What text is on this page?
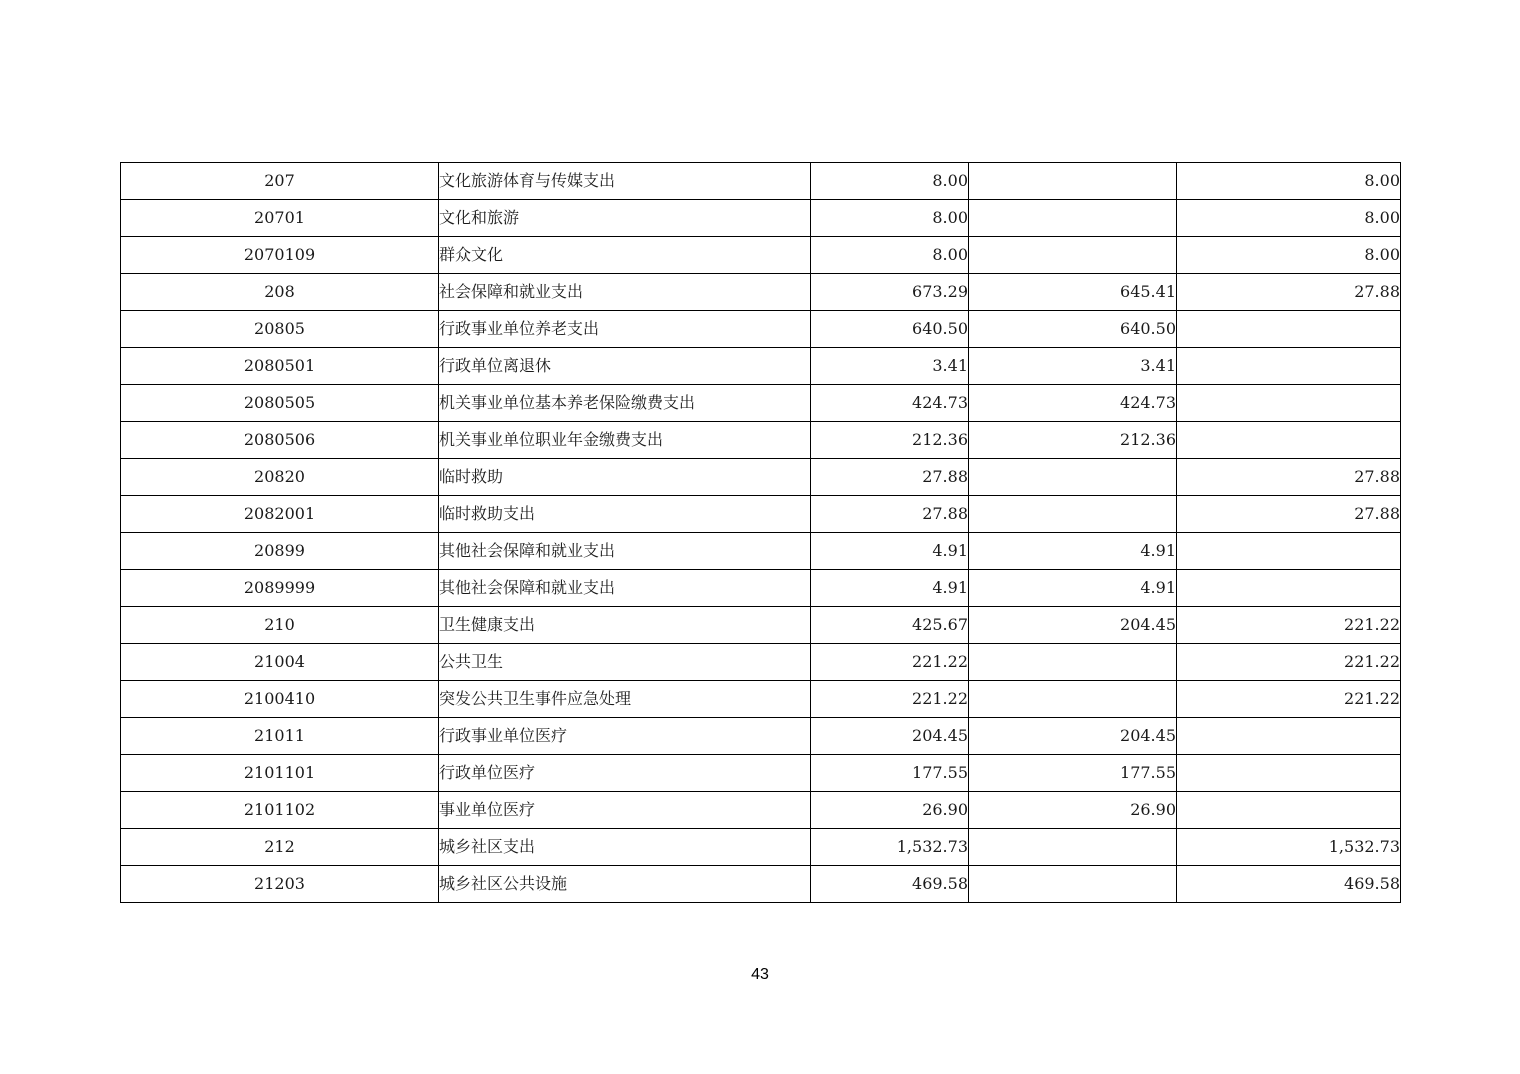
207	文化旅游体育与传媒支出	8.00		8.00
20701	文化和旅游	8.00		8.00
2070109	群众文化	8.00		8.00
208	社会保障和就业支出	673.29	645.41	27.88
20805	行政事业单位养老支出	640.50	640.50	
2080501	行政单位离退休	3.41	3.41	
2080505	机关事业单位基本养老保险缴费支出	424.73	424.73	
2080506	机关事业单位职业年金缴费支出	212.36	212.36	
20820	临时救助	27.88		27.88
2082001	临时救助支出	27.88		27.88
20899	其他社会保障和就业支出	4.91	4.91	
2089999	其他社会保障和就业支出	4.91	4.91	
210	卫生健康支出	425.67	204.45	221.22
21004	公共卫生	221.22		221.22
2100410	突发公共卫生事件应急处理	221.22		221.22
21011	行政事业单位医疗	204.45	204.45	
2101101	行政单位医疗	177.55	177.55	
2101102	事业单位医疗	26.90	26.90	
212	城乡社区支出	1,532.73		1,532.73
21203	城乡社区公共设施	469.58		469.58
43
